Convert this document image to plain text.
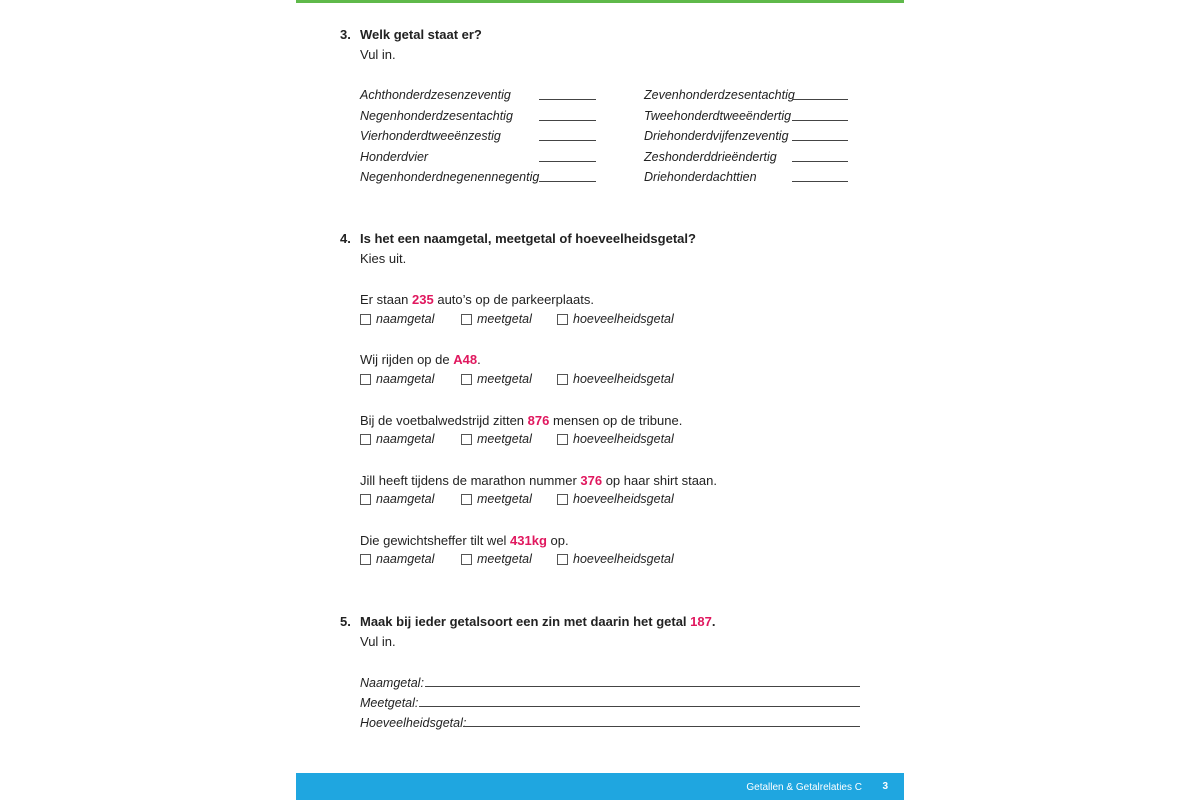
3. Welk getal staat er?
Vul in.
Achthonderdzesenzeventig	Zevenhonderdzesentachtig
Negenhonderdzesentachtig	Tweehonderdtweeëndertig
Vierhonderdtweeënzestig	Driehonderdvijfenzeventig
Honderdvier	Zeshonderddrieëndertig
Negenhonderdnegenennegentig	Driehonderdachttien
4. Is het een naamgetal, meetgetal of hoeveelheidsgetal?
Kies uit.
Er staan 235 auto’s op de parkeerplaats.
naamgetal	meetgetal	hoeveelheidsgetal
Wij rijden op de A48.
naamgetal	meetgetal	hoeveelheidsgetal
Bij de voetbalwedstrijd zitten 876 mensen op de tribune.
naamgetal	meetgetal	hoeveelheidsgetal
Jill heeft tijdens de marathon nummer 376 op haar shirt staan.
naamgetal	meetgetal	hoeveelheidsgetal
Die gewichtsheffer tilt wel 431kg op.
naamgetal	meetgetal	hoeveelheidsgetal
5. Maak bij ieder getalsoort een zin met daarin het getal 187.
Vul in.
Naamgetal:
Meetgetal:
Hoeveelheidsgetal:
Getallen & Getalrelaties C 3
